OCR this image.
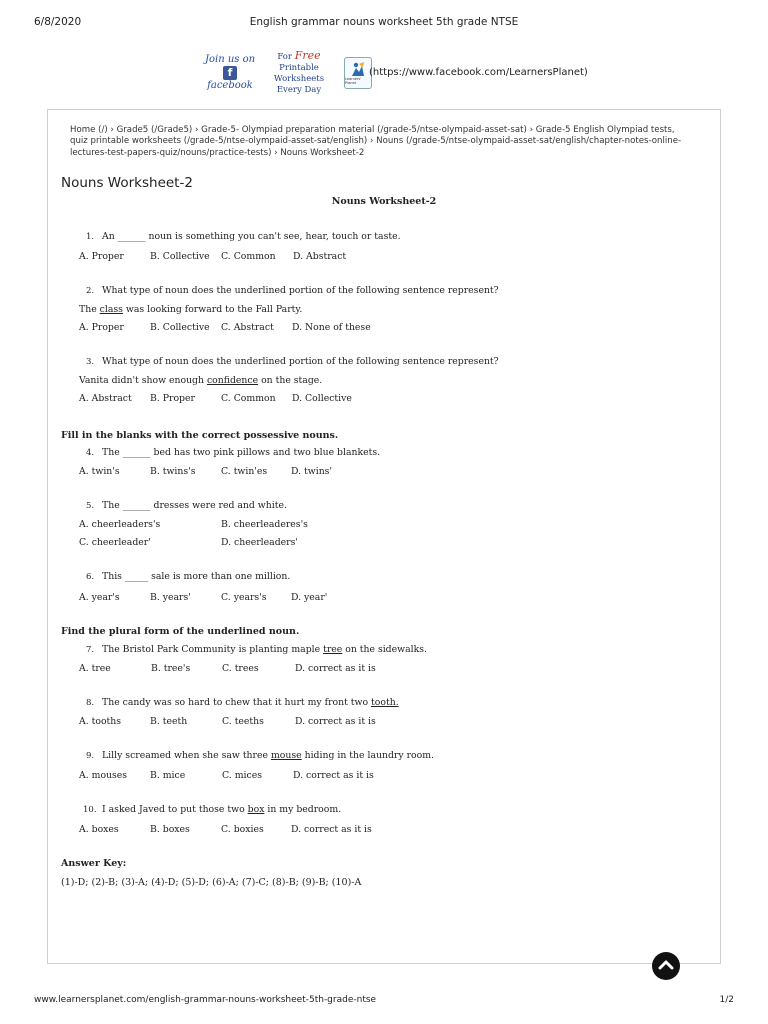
6/8/2020	English grammar nouns worksheet 5th grade NTSE
Join us on
f
facebook
For Free
Printable Worksheets
Every Day
Learners' Planet
(https://www.facebook.com/LearnersPlanet)
Home (/) › Grade5 (/Grade5) › Grade-5- Olympiad preparation material (/grade-5/ntse-olympaid-asset-sat) › Grade-5 English Olympiad tests, quiz printable worksheets (/grade-5/ntse-olympaid-asset-sat/english) › Nouns (/grade-5/ntse-olympaid-asset-sat/english/chapter-notes-online-lectures-test-papers-quiz/nouns/practice-tests) › Nouns Worksheet-2
Nouns Worksheet-2
Nouns Worksheet-2
1. An ______ noun is something you can't see, hear, touch or taste.
A. Proper	B. Collective C. Common D. Abstract
2. What type of noun does the underlined portion of the following sentence represent?
The class was looking forward to the Fall Party.
A. Proper	B. Collective C. Abstract D. None of these
3. What type of noun does the underlined portion of the following sentence represent?
Vanita didn't show enough confidence on the stage.
A. Abstract B. Proper	C. Common D. Collective
4. The ______ bed has two pink pillows and two blue blankets.
A. twin's	B. twins's	C. twin'es	D. twins'
5. The ______ dresses were red and white.
A. cheerleaders's	B. cheerleaderes's
C. cheerleader'	D. cheerleaders'
6. This _____ sale is more than one million.
A. year's	B. years'	C. years's	D. year'
7. The Bristol Park Community is planting maple tree on the sidewalks.
A. tree	B. tree's	C. trees	D. correct as it is
8. The candy was so hard to chew that it hurt my front two tooth.
A. tooths	B. teeth	C. teeths	D. correct as it is
9. Lilly screamed when she saw three mouse hiding in the laundry room.
A. mouses B. mice	C. mices	D. correct as it is
10. I asked Javed to put those two box in my bedroom.
A. boxes	B. boxes	C. boxies	D. correct as it is
Fill in the blanks with the correct possessive nouns.
Find the plural form of the underlined noun.
Answer Key:
(1)-D; (2)-B; (3)-A; (4)-D; (5)-D; (6)-A; (7)-C; (8)-B; (9)-B; (10)-A
www.learnersplanet.com/english-grammar-nouns-worksheet-5th-grade-ntse	1/2
